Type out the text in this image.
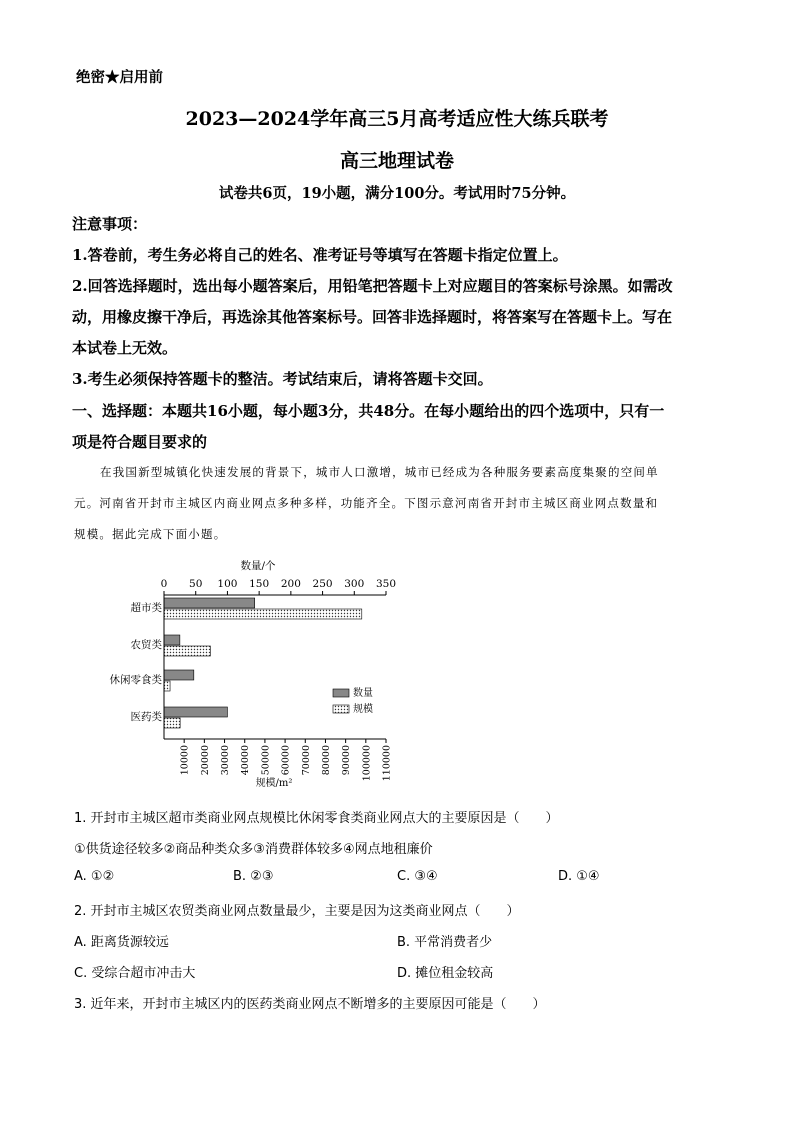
绝密★启用前
2023—2024学年高三5月高考适应性大练兵联考
高三地理试卷
试卷共6页，19小题，满分100分。考试用时75分钟。
注意事项：
1.答卷前，考生务必将自己的姓名、准考证号等填写在答题卡指定位置上。
2.回答选择题时，选出每小题答案后，用铅笔把答题卡上对应题目的答案标号涂黑。如需改
动，用橡皮擦干净后，再选涂其他答案标号。回答非选择题时，将答案写在答题卡上。写在
本试卷上无效。
3.考生必须保持答题卡的整洁。考试结束后，请将答题卡交回。
一、选择题：本题共16小题，每小题3分，共48分。在每小题给出的四个选项中，只有一
项是符合题目要求的
在我国新型城镇化快速发展的背景下，城市人口激增，城市已经成为各种服务要素高度集聚的空间单
元。河南省开封市主城区内商业网点多种多样，功能齐全。下图示意河南省开封市主城区商业网点数量和
规模。据此完成下面小题。
数量/个
0 50 100 150 200 250 300 350
10000 20000 30000 40000 50000 60000 70000 80000 90000 100000 110000
超市类
农贸类
休闲零食类
医药类
数量
规模
规模/m²
1. 开封市主城区超市类商业网点规模比休闲零食类商业网点大的主要原因是（　　）
①供货途径较多②商品种类众多③消费群体较多④网点地租廉价
A. ①②	B. ②③	C. ③④	D. ①④
2. 开封市主城区农贸类商业网点数量最少，主要是因为这类商业网点（　　）
A. 距离货源较远	B. 平常消费者少
C. 受综合超市冲击大	D. 摊位租金较高
3. 近年来，开封市主城区内的医药类商业网点不断增多的主要原因可能是（　　）
